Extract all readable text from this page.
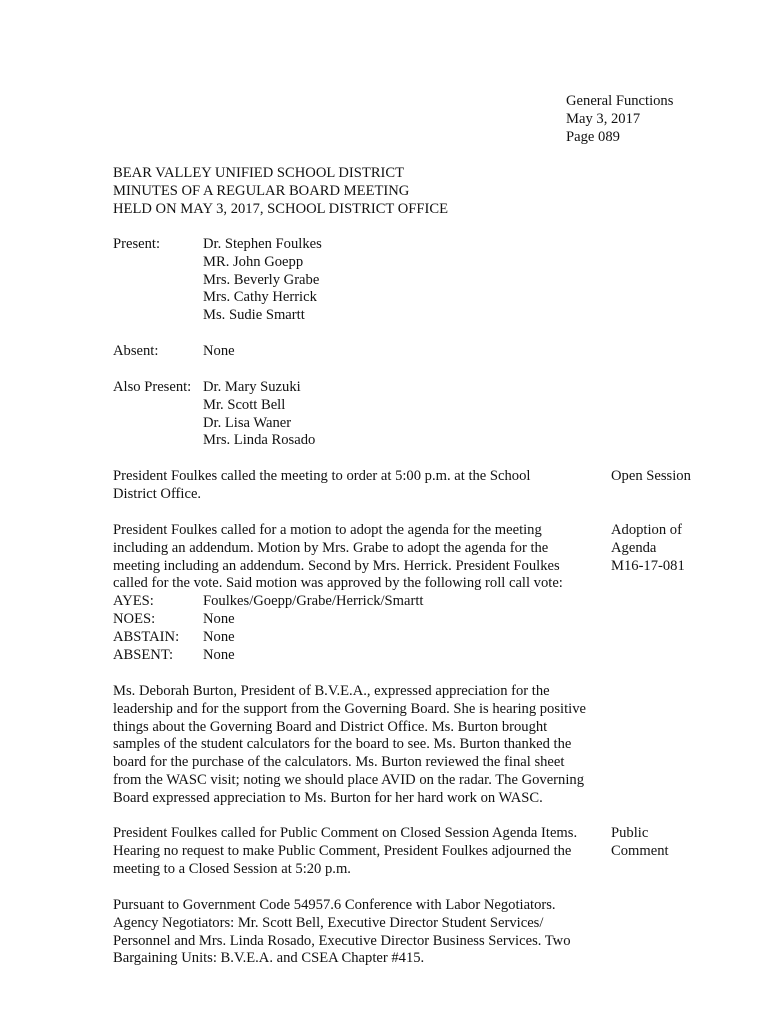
General Functions
May 3, 2017
Page 089
BEAR VALLEY UNIFIED SCHOOL DISTRICT
MINUTES OF A REGULAR BOARD MEETING
HELD ON MAY 3, 2017, SCHOOL DISTRICT OFFICE
Present:	Dr. Stephen Foulkes
MR. John Goepp
Mrs. Beverly Grabe
Mrs. Cathy Herrick
Ms. Sudie Smartt
Absent:	None
Also Present: Dr. Mary Suzuki
Mr. Scott Bell
Dr. Lisa Waner
Mrs. Linda Rosado
President Foulkes called the meeting to order at 5:00 p.m. at the School
District Office.
Open Session
President Foulkes called for a motion to adopt the agenda for the meeting
including an addendum. Motion by Mrs. Grabe to adopt the agenda for the
meeting including an addendum. Second by Mrs. Herrick. President Foulkes
called for the vote. Said motion was approved by the following roll call vote:
Adoption of
Agenda
M16-17-081
AYES:	Foulkes/Goepp/Grabe/Herrick/Smartt
NOES:	None
ABSTAIN: None
ABSENT: None
Ms. Deborah Burton, President of B.V.E.A., expressed appreciation for the
leadership and for the support from the Governing Board. She is hearing positive
things about the Governing Board and District Office. Ms. Burton brought
samples of the student calculators for the board to see. Ms. Burton thanked the
board for the purchase of the calculators. Ms. Burton reviewed the final sheet
from the WASC visit; noting we should place AVID on the radar. The Governing
Board expressed appreciation to Ms. Burton for her hard work on WASC.
President Foulkes called for Public Comment on Closed Session Agenda Items.
Hearing no request to make Public Comment, President Foulkes adjourned the
meeting to a Closed Session at 5:20 p.m.
Public
Comment
Pursuant to Government Code 54957.6 Conference with Labor Negotiators.
Agency Negotiators: Mr. Scott Bell, Executive Director Student Services/
Personnel and Mrs. Linda Rosado, Executive Director Business Services. Two
Bargaining Units: B.V.E.A. and CSEA Chapter #415.
